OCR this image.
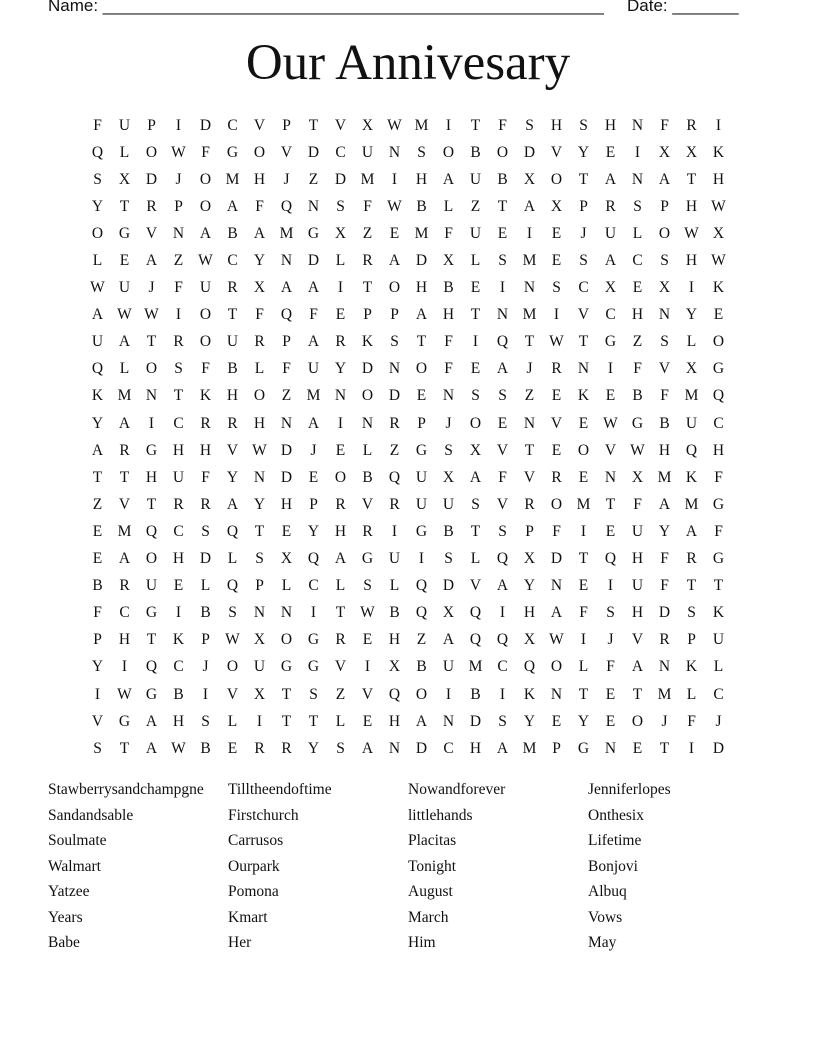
Name: _____________________________________________________ Date: _______
Our Annivesary
F	U	P	I	D	C	V	P	T	V	X W M	I	T	F	S	H	S	H	N	F	R	I
Q	L	O W F	G	O	V	D	C	U	N	S	O	B	O	D	V	Y	E	I	X	X	K
S	X	D	J	O M H	J	Z	D M	I	H	A	U	B	X	O	T	A	N	A	T	H
Y	T	R	P	O	A	F	Q	N	S	F W B	L	Z	T	A	X	P	R	S	P	H W
O	G	V	N	A	B	A M G	X	Z	E M	F	U	E	I	E	J	U	L	O W X
L	E	A	Z W C	Y	N	D	L	R	A	D	X	L	S	M E	S	A	C	S	H W
W U	J	F	U	R	X	A	A	I	T	O	H	B	E	I	N	S	C	X	E	X	I	K
A W W	I	O	T	F	Q	F	E	P	P	A	H	T	N M	I	V	C	H	N	Y	E
U	A	T	R	O	U	R	P	A	R	K	S	T	F	I	Q	T W T	G	Z	S	L	O
Q	L	O	S	F	B	L	F	U	Y	D	N	O	F	E	A	J	R	N	I	F	V	X	G
K M N	T	K	H	O	Z M N	O	D	E	N	S	S	Z	E	K	E	B	F	M Q
Y	A	I	C	R	R	H	N	A	I	N	R	P	J	O	E	N	V	E W G	B	U	C
A	R	G	H	H	V W D	J	E	L	Z	G	S	X	V	T	E	O	V W H	Q	H
T	T	H	U	F	Y	N	D	E	O	B	Q	U	X	A	F	V	R	E	N	X M K	F
Z	V	T	R	R	A	Y	H	P	R	V	R	U	U	S	V	R	O M T	F	A M G
E M Q	C	S	Q	T	E	Y	H	R	I	G	B	T	S	P	F	I	E	U	Y	A	F
E	A	O	H	D	L	S	X	Q	A	G	U	I	S	L	Q	X	D	T	Q	H	F	R	G
B	R	U	E	L	Q	P	L	C	L	S	L	Q	D	V	A	Y	N	E	I	U	F	T	T
F	C	G	I	B	S	N	N	I	T W B	Q	X	Q	I	H	A	F	S	H	D	S	K
P	H	T	K	P W X	O	G	R	E	H	Z	A	Q	Q	X W	I	J	V	R	P	U
Y	I	Q	C	J	O	U	G	G	V	I	X	B	U M C	Q	O	L	F	A	N	K	L
I	W G	B	I	V	X	T	S	Z	V	Q	O	I	B	I	K	N	T	E	T M L	C
V	G	A	H	S	L	I	T	T	L	E	H	A	N	D	S	Y	E	Y	E	O	J	F	J
S	T	A W B	E	R	R	Y	S	A	N	D	C	H	A M	P	G	N	E	T	I	D
Stawberrysandchampgne
Sandandsable
Soulmate
Walmart
Yatzee
Years
Babe
Tilltheendoftime
Firstchurch
Carrusos
Ourpark
Pomona
Kmart
Her
Nowandforever
littlehands
Placitas
Tonight
August
March
Him
Jenniferlopes
Onthesix
Lifetime
Bonjovi
Albuq
Vows
May
